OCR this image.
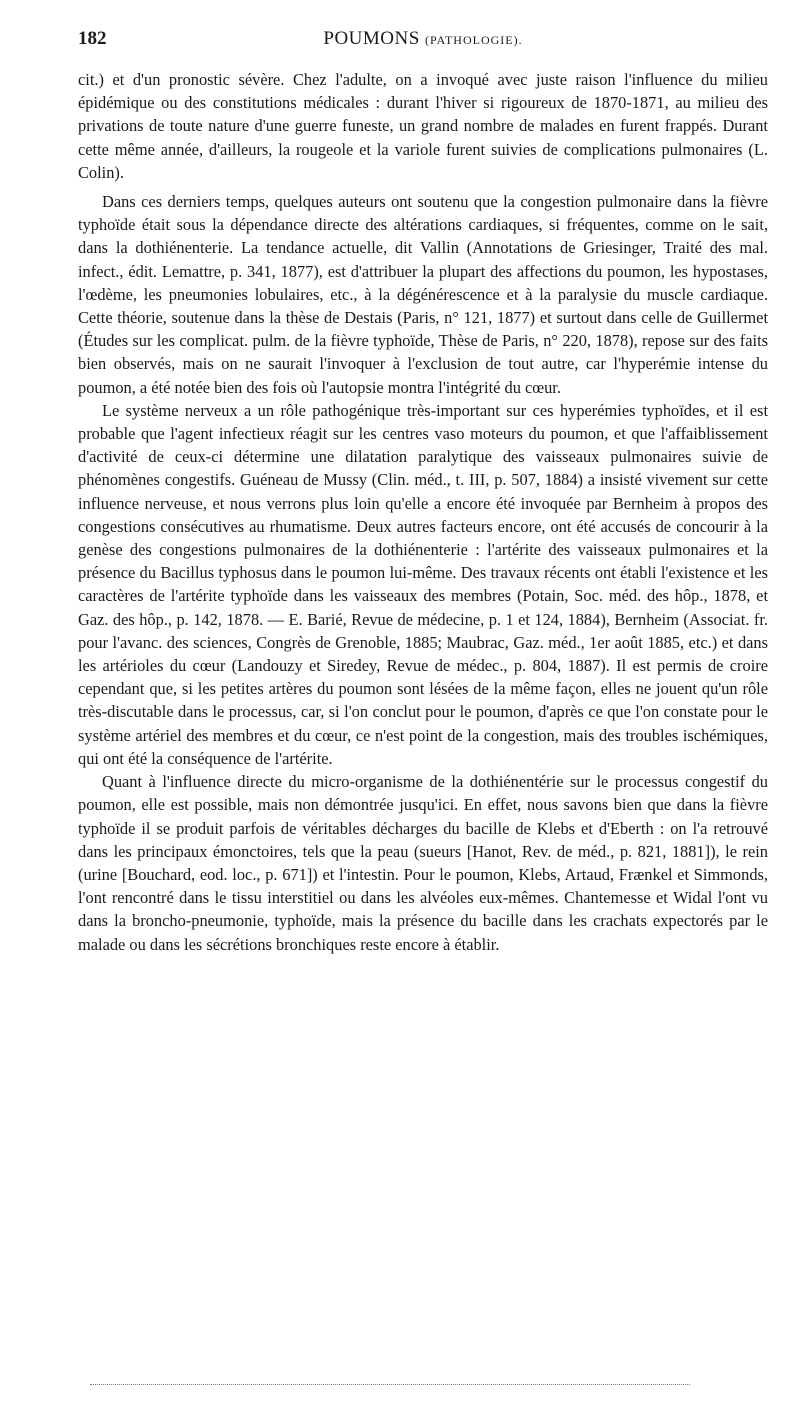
182	POUMONS (PATHOLOGIE).

cit.) et d'un pronostic sévère. Chez l'adulte, on a invoqué avec juste raison l'influence du milieu épidémique ou des constitutions médicales : durant l'hiver si rigoureux de 1870-1871, au milieu des privations de toute nature d'une guerre funeste, un grand nombre de malades en furent frappés. Durant cette même année, d'ailleurs, la rougeole et la variole furent suivies de complications pulmonaires (L. Colin).

Dans ces derniers temps, quelques auteurs ont soutenu que la congestion pulmonaire dans la fièvre typhoïde était sous la dépendance directe des altérations cardiaques, si fréquentes, comme on le sait, dans la dothiénenterie. La tendance actuelle, dit Vallin (Annotations de Griesinger, Traité des mal. infect., édit. Lemattre, p. 341, 1877), est d'attribuer la plupart des affections du poumon, les hypostases, l'œdème, les pneumonies lobulaires, etc., à la dégénérescence et à la paralysie du muscle cardiaque. Cette théorie, soutenue dans la thèse de Destais (Paris, n° 121, 1877) et surtout dans celle de Guillermet (Études sur les complicat. pulm. de la fièvre typhoïde, Thèse de Paris, n° 220, 1878), repose sur des faits bien observés, mais on ne saurait l'invoquer à l'exclusion de tout autre, car l'hyperémie intense du poumon, a été notée bien des fois où l'autopsie montra l'intégrité du cœur.

Le système nerveux a un rôle pathogénique très-important sur ces hyperémies typhoïdes, et il est probable que l'agent infectieux réagit sur les centres vaso moteurs du poumon, et que l'affaiblissement d'activité de ceux-ci détermine une dilatation paralytique des vaisseaux pulmonaires suivie de phénomènes congestifs. Guéneau de Mussy (Clin. méd., t. III, p. 507, 1884) a insisté vivement sur cette influence nerveuse, et nous verrons plus loin qu'elle a encore été invoquée par Bernheim à propos des congestions consécutives au rhumatisme. Deux autres facteurs encore, ont été accusés de concourir à la genèse des congestions pulmonaires de la dothiénenterie : l'artérite des vaisseaux pulmonaires et la présence du Bacillus typhosus dans le poumon lui-même. Des travaux récents ont établi l'existence et les caractères de l'artérite typhoïde dans les vaisseaux des membres (Potain, Soc. méd. des hôp., 1878, et Gaz. des hôp., p. 142, 1878. — E. Barié, Revue de médecine, p. 1 et 124, 1884), Bernheim (Associat. fr. pour l'avanc. des sciences, Congrès de Grenoble, 1885; Maubrac, Gaz. méd., 1er août 1885, etc.) et dans les artérioles du cœur (Landouzy et Siredey, Revue de médec., p. 804, 1887). Il est permis de croire cependant que, si les petites artères du poumon sont lésées de la même façon, elles ne jouent qu'un rôle très-discutable dans le processus, car, si l'on conclut pour le poumon, d'après ce que l'on constate pour le système artériel des membres et du cœur, ce n'est point de la congestion, mais des troubles ischémiques, qui ont été la conséquence de l'artérite.

Quant à l'influence directe du micro-organisme de la dothiénentérie sur le processus congestif du poumon, elle est possible, mais non démontrée jusqu'ici. En effet, nous savons bien que dans la fièvre typhoïde il se produit parfois de véritables décharges du bacille de Klebs et d'Eberth : on l'a retrouvé dans les principaux émonctoires, tels que la peau (sueurs [Hanot, Rev. de méd., p. 821, 1881]), le rein (urine [Bouchard, eod. loc., p. 671]) et l'intestin. Pour le poumon, Klebs, Artaud, Frænkel et Simmonds, l'ont rencontré dans le tissu interstitiel ou dans les alvéoles eux-mêmes. Chantemesse et Widal l'ont vu dans la broncho-pneumonie, typhoïde, mais la présence du bacille dans les crachats expectorés par le malade ou dans les sécrétions bronchiques reste encore à établir.
